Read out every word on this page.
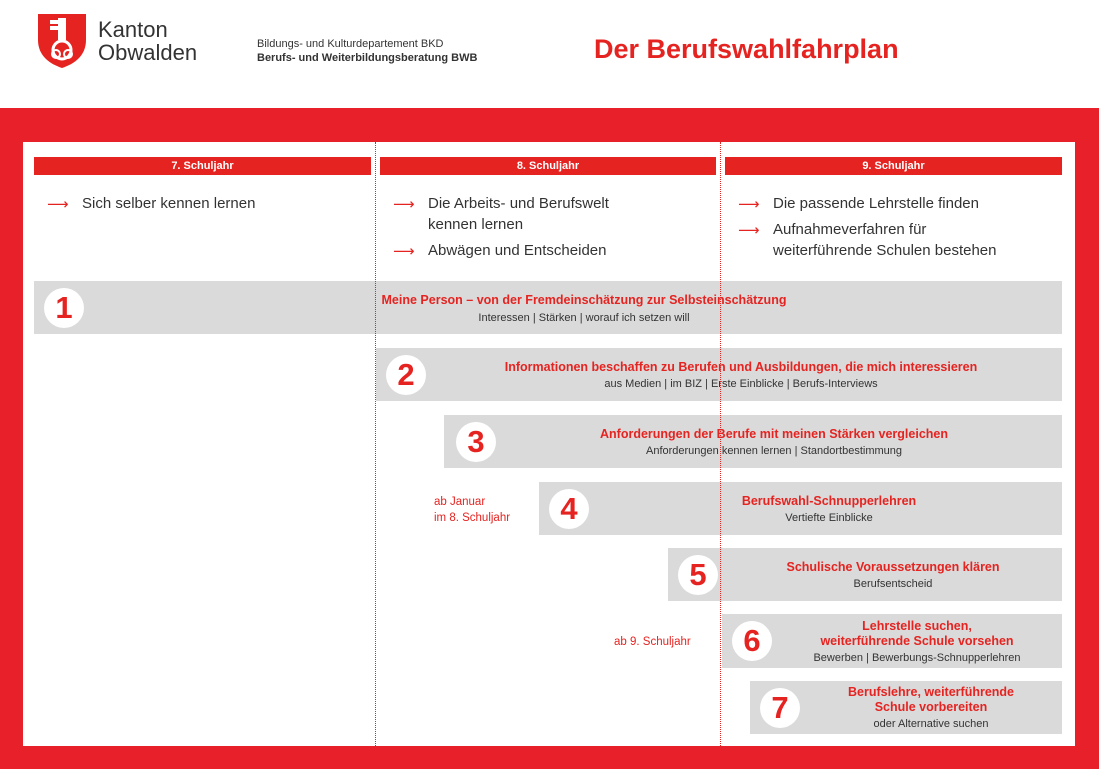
Kanton
Obwalden	Bildungs- und Kulturdepartement BKD
Berufs- und Weiterbildungsberatung BWB	Der Berufswahlfahrplan
7. Schuljahr	8. Schuljahr	9. Schuljahr
⟶ Sich selber kennen lernen	⟶ Die Arbeits- und Berufswelt
kennen lernen
⟶ Abwägen und Entscheiden
⟶ Die passende Lehrstelle finden
⟶ Aufnahmeverfahren für
weiterführende Schulen bestehen
1	Meine Person – von der Fremdeinschätzung zur Selbsteinschätzung
Interessen | Stärken | worauf ich setzen will
2	Informationen beschaffen zu Berufen und Ausbildungen, die mich interessieren
aus Medien | im BIZ | Erste Einblicke | Berufs-Interviews
3	Anforderungen der Berufe mit meinen Stärken vergleichen
Anforderungen kennen lernen | Standortbestimmung
4	Berufswahl-Schnupperlehren
Vertiefte Einblicke
ab Januar
im 8. Schuljahr
5	Schulische Voraussetzungen klären
Berufsentscheid
6	Lehrstelle suchen,
weiterführende Schule vorsehen
Bewerben | Bewerbungs-Schnupperlehren
ab 9. Schuljahr
7	Berufslehre, weiterführende
Schule vorbereiten
oder Alternative suchen
